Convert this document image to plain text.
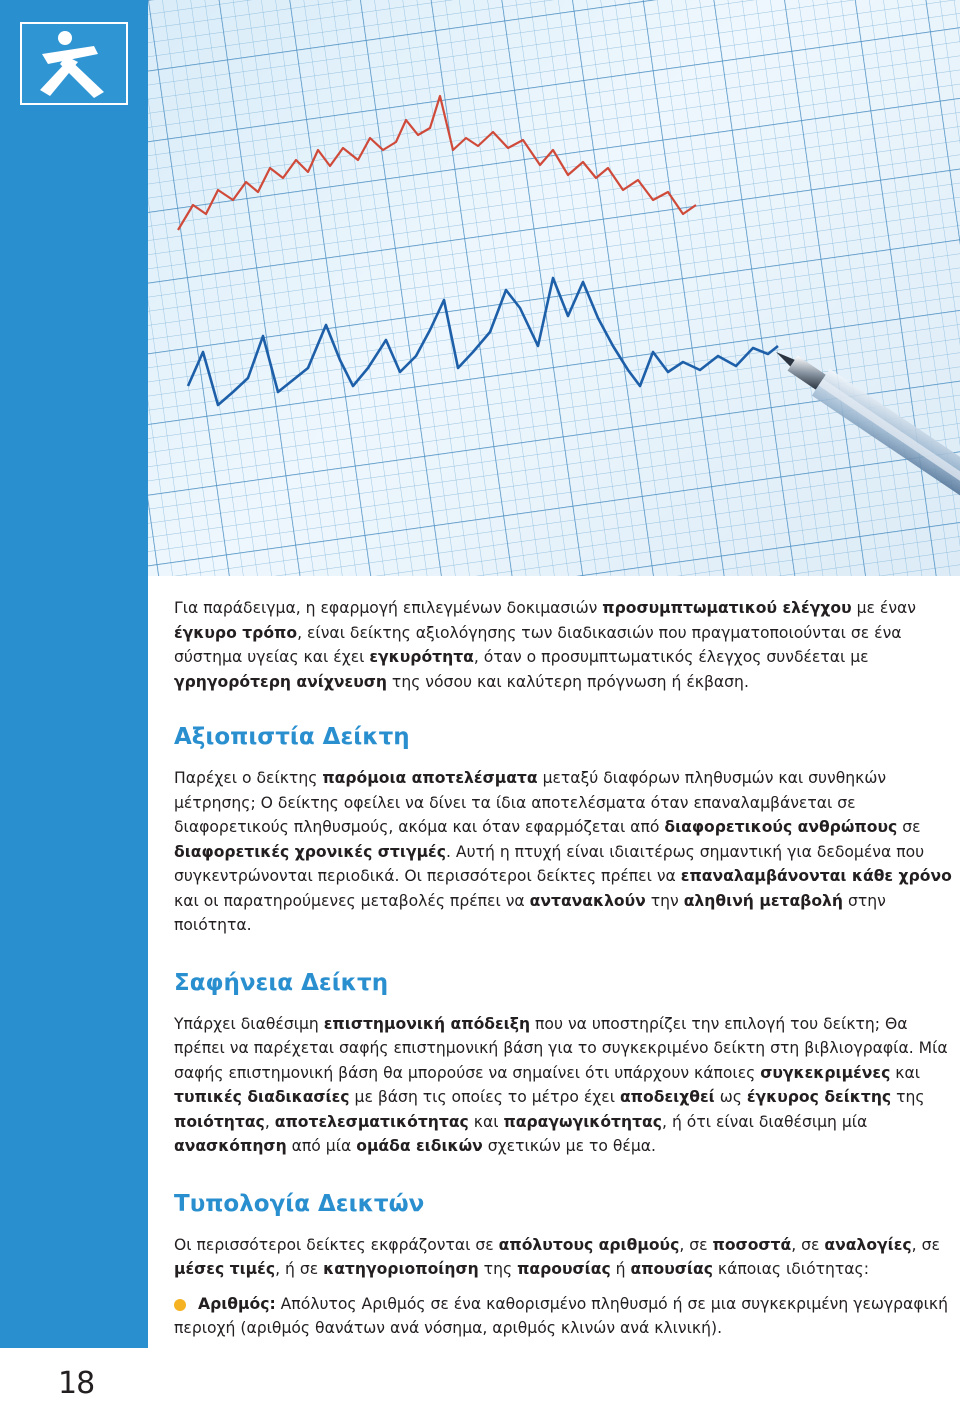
18

Για παράδειγμα, η εφαρμογή επιλεγμένων δοκιμασιών προσυμπτωματικού ελέγχου με έναν έγκυρο τρόπο, είναι δείκτης αξιολόγησης των διαδικασιών που πραγματοποιούνται σε ένα σύστημα υγείας και έχει εγκυρότητα, όταν ο προσυμπτωματικός έλεγχος συνδέεται με γρηγορότερη ανίχνευση της νόσου και καλύτερη πρόγνωση ή έκβαση.

Αξιοπιστία Δείκτη

Παρέχει ο δείκτης παρόμοια αποτελέσματα μεταξύ διαφόρων πληθυσμών και συνθηκών μέτρησης; Ο δείκτης οφείλει να δίνει τα ίδια αποτελέσματα όταν επαναλαμβάνεται σε διαφορετικούς πληθυσμούς, ακόμα και όταν εφαρμόζεται από διαφορετικούς ανθρώπους σε διαφορετικές χρονικές στιγμές. Αυτή η πτυχή είναι ιδιαιτέρως σημαντική για δεδομένα που συγκεντρώνονται περιοδικά. Οι περισσότεροι δείκτες πρέπει να επαναλαμβάνονται κάθε χρόνο και οι παρατηρούμενες μεταβολές πρέπει να αντανακλούν την αληθινή μεταβολή στην ποιότητα.

Σαφήνεια Δείκτη

Υπάρχει διαθέσιμη επιστημονική απόδειξη που να υποστηρίζει την επιλογή του δείκτη; Θα πρέπει να παρέχεται σαφής επιστημονική βάση για το συγκεκριμένο δείκτη στη βιβλιογραφία. Μία σαφής επιστημονική βάση θα μπορούσε να σημαίνει ότι υπάρχουν κάποιες συγκεκριμένες και τυπικές διαδικασίες με βάση τις οποίες το μέτρο έχει αποδειχθεί ως έγκυρος δείκτης της ποιότητας, αποτελεσματικότητας και παραγωγικότητας, ή ότι είναι διαθέσιμη μία ανασκόπηση από μία ομάδα ειδικών σχετικών με το θέμα.

Τυπολογία Δεικτών

Οι περισσότεροι δείκτες εκφράζονται σε απόλυτους αριθμούς, σε ποσοστά, σε αναλογίες, σε μέσες τιμές, ή σε κατηγοριοποίηση της παρουσίας ή απουσίας κάποιας ιδιότητας:

Αριθμός: Απόλυτος Αριθμός σε ένα καθορισμένο πληθυσμό ή σε μια συγκεκριμένη γεωγραφική περιοχή (αριθμός θανάτων ανά νόσημα, αριθμός κλινών ανά κλινική).
